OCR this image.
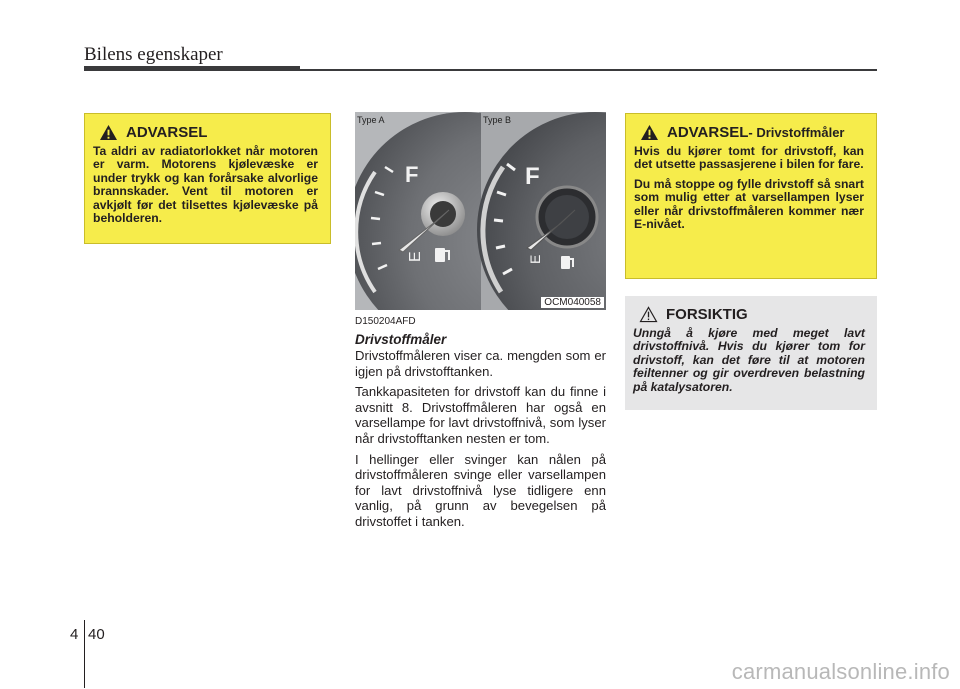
Bilens egenskaper
ADVARSEL

Ta aldri av radiatorlokket når motoren er varm. Motorens kjølevæske er under trykk og kan forårsake alvorlige brannskader. Vent til motoren er avkjølt før det tilsettes kjølevæske på beholderen.

F
E
Type A
F
E
Type B
OCM040058
D150204AFD
Drivstoffmåler

Drivstoffmåleren viser ca. mengden som er igjen på drivstofftanken.

Tankkapasiteten for drivstoff kan du finne i avsnitt 8. Drivstoffmåleren har også en varsellampe for lavt drivstoffnivå, som lyser når drivstofftanken nesten er tom.

I hellinger eller svinger kan nålen på drivstoffmåleren svinge eller varsellampen for lavt drivstoffnivå lyse tidligere enn vanlig, på grunn av bevegelsen på drivstoffet i tanken.

ADVARSEL - Drivstoffmåler

Hvis du kjører tomt for drivstoff, kan det utsette passasjerene i bilen for fare.

Du må stoppe og fylle drivstoff så snart som mulig etter at varsellampen lyser eller når drivstoffmåleren kommer nær E-nivået.

FORSIKTIG

Unngå å kjøre med meget lavt drivstoffnivå. Hvis du kjører tom for drivstoff, kan det føre til at motoren feiltenner og gir overdreven belastning på katalysatoren.

4 40
carmanualsonline.info
